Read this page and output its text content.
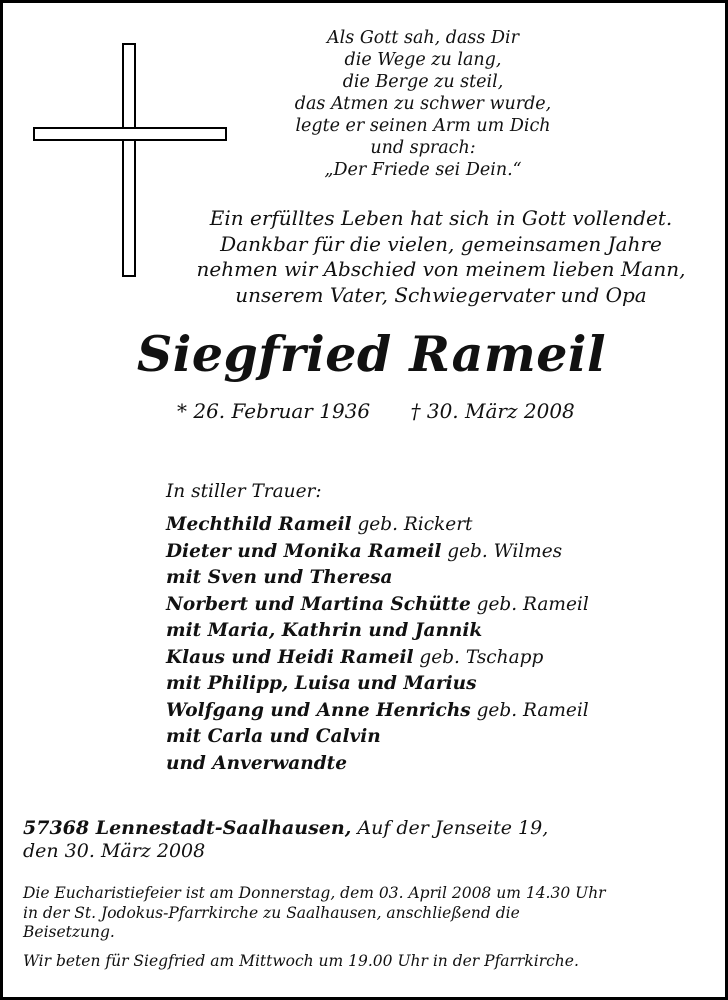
Als Gott sah, dass Dir
die Wege zu lang,
die Berge zu steil,
das Atmen zu schwer wurde,
legte er seinen Arm um Dich
und sprach:
„Der Friede sei Dein.“
Ein erfülltes Leben hat sich in Gott vollendet.
Dankbar für die vielen, gemeinsamen Jahre
nehmen wir Abschied von meinem lieben Mann,
unserem Vater, Schwiegervater und Opa
Siegfried Rameil
* 26. Februar 1936 † 30. März 2008
In stiller Trauer:
Mechthild Rameil geb. Rickert
Dieter und Monika Rameil geb. Wilmes
mit Sven und Theresa
Norbert und Martina Schütte geb. Rameil
mit Maria, Kathrin und Jannik
Klaus und Heidi Rameil geb. Tschapp
mit Philipp, Luisa und Marius
Wolfgang und Anne Henrichs geb. Rameil
mit Carla und Calvin
und Anverwandte
57368 Lennestadt-Saalhausen, Auf der Jenseite 19,
den 30. März 2008
Die Eucharistiefeier ist am Donnerstag, dem 03. April 2008 um 14.30 Uhr
in der St. Jodokus-Pfarrkirche zu Saalhausen, anschließend die
Beisetzung.
Wir beten für Siegfried am Mittwoch um 19.00 Uhr in der Pfarrkirche.
